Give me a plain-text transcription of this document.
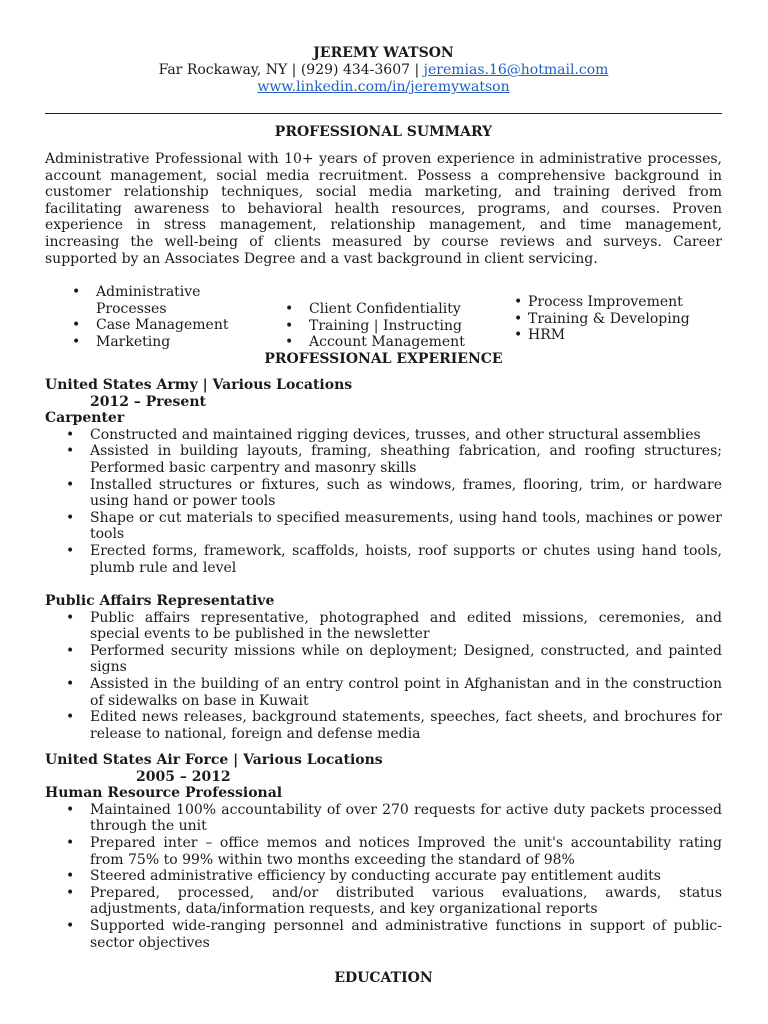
JEREMY WATSON
Far Rockaway, NY | (929) 434-3607 | jeremias.16@hotmail.com
www.linkedin.com/in/jeremywatson
PROFESSIONAL SUMMARY
Administrative Professional with 10+ years of proven experience in administrative processes, account management, social media recruitment. Possess a comprehensive background in customer relationship techniques, social media marketing, and training derived from facilitating awareness to behavioral health resources, programs, and courses. Proven experience in stress management, relationship management, and time management, increasing the well-being of clients measured by course reviews and surveys. Career supported by an Associates Degree and a vast background in client servicing.
• Administrative Processes
• Case Management
• Marketing
• Client Confidentiality
• Training | Instructing
• Account Management
• Process Improvement
• Training & Developing
• HRM
PROFESSIONAL EXPERIENCE
United States Army | Various Locations
2012 – Present
Carpenter
• Constructed and maintained rigging devices, trusses, and other structural assemblies
• Assisted in building layouts, framing, sheathing fabrication, and roofing structures; Performed basic carpentry and masonry skills
• Installed structures or fixtures, such as windows, frames, flooring, trim, or hardware using hand or power tools
• Shape or cut materials to specified measurements, using hand tools, machines or power tools
• Erected forms, framework, scaffolds, hoists, roof supports or chutes using hand tools, plumb rule and level
Public Affairs Representative
• Public affairs representative, photographed and edited missions, ceremonies, and special events to be published in the newsletter
• Performed security missions while on deployment; Designed, constructed, and painted signs
• Assisted in the building of an entry control point in Afghanistan and in the construction of sidewalks on base in Kuwait
• Edited news releases, background statements, speeches, fact sheets, and brochures for release to national, foreign and defense media
United States Air Force | Various Locations
2005 – 2012
Human Resource Professional
• Maintained 100% accountability of over 270 requests for active duty packets processed through the unit
• Prepared inter – office memos and notices Improved the unit's accountability rating from 75% to 99% within two months exceeding the standard of 98%
• Steered administrative efficiency by conducting accurate pay entitlement audits
• Prepared, processed, and/or distributed various evaluations, awards, status adjustments, data/information requests, and key organizational reports
• Supported wide-ranging personnel and administrative functions in support of public-sector objectives
EDUCATION
